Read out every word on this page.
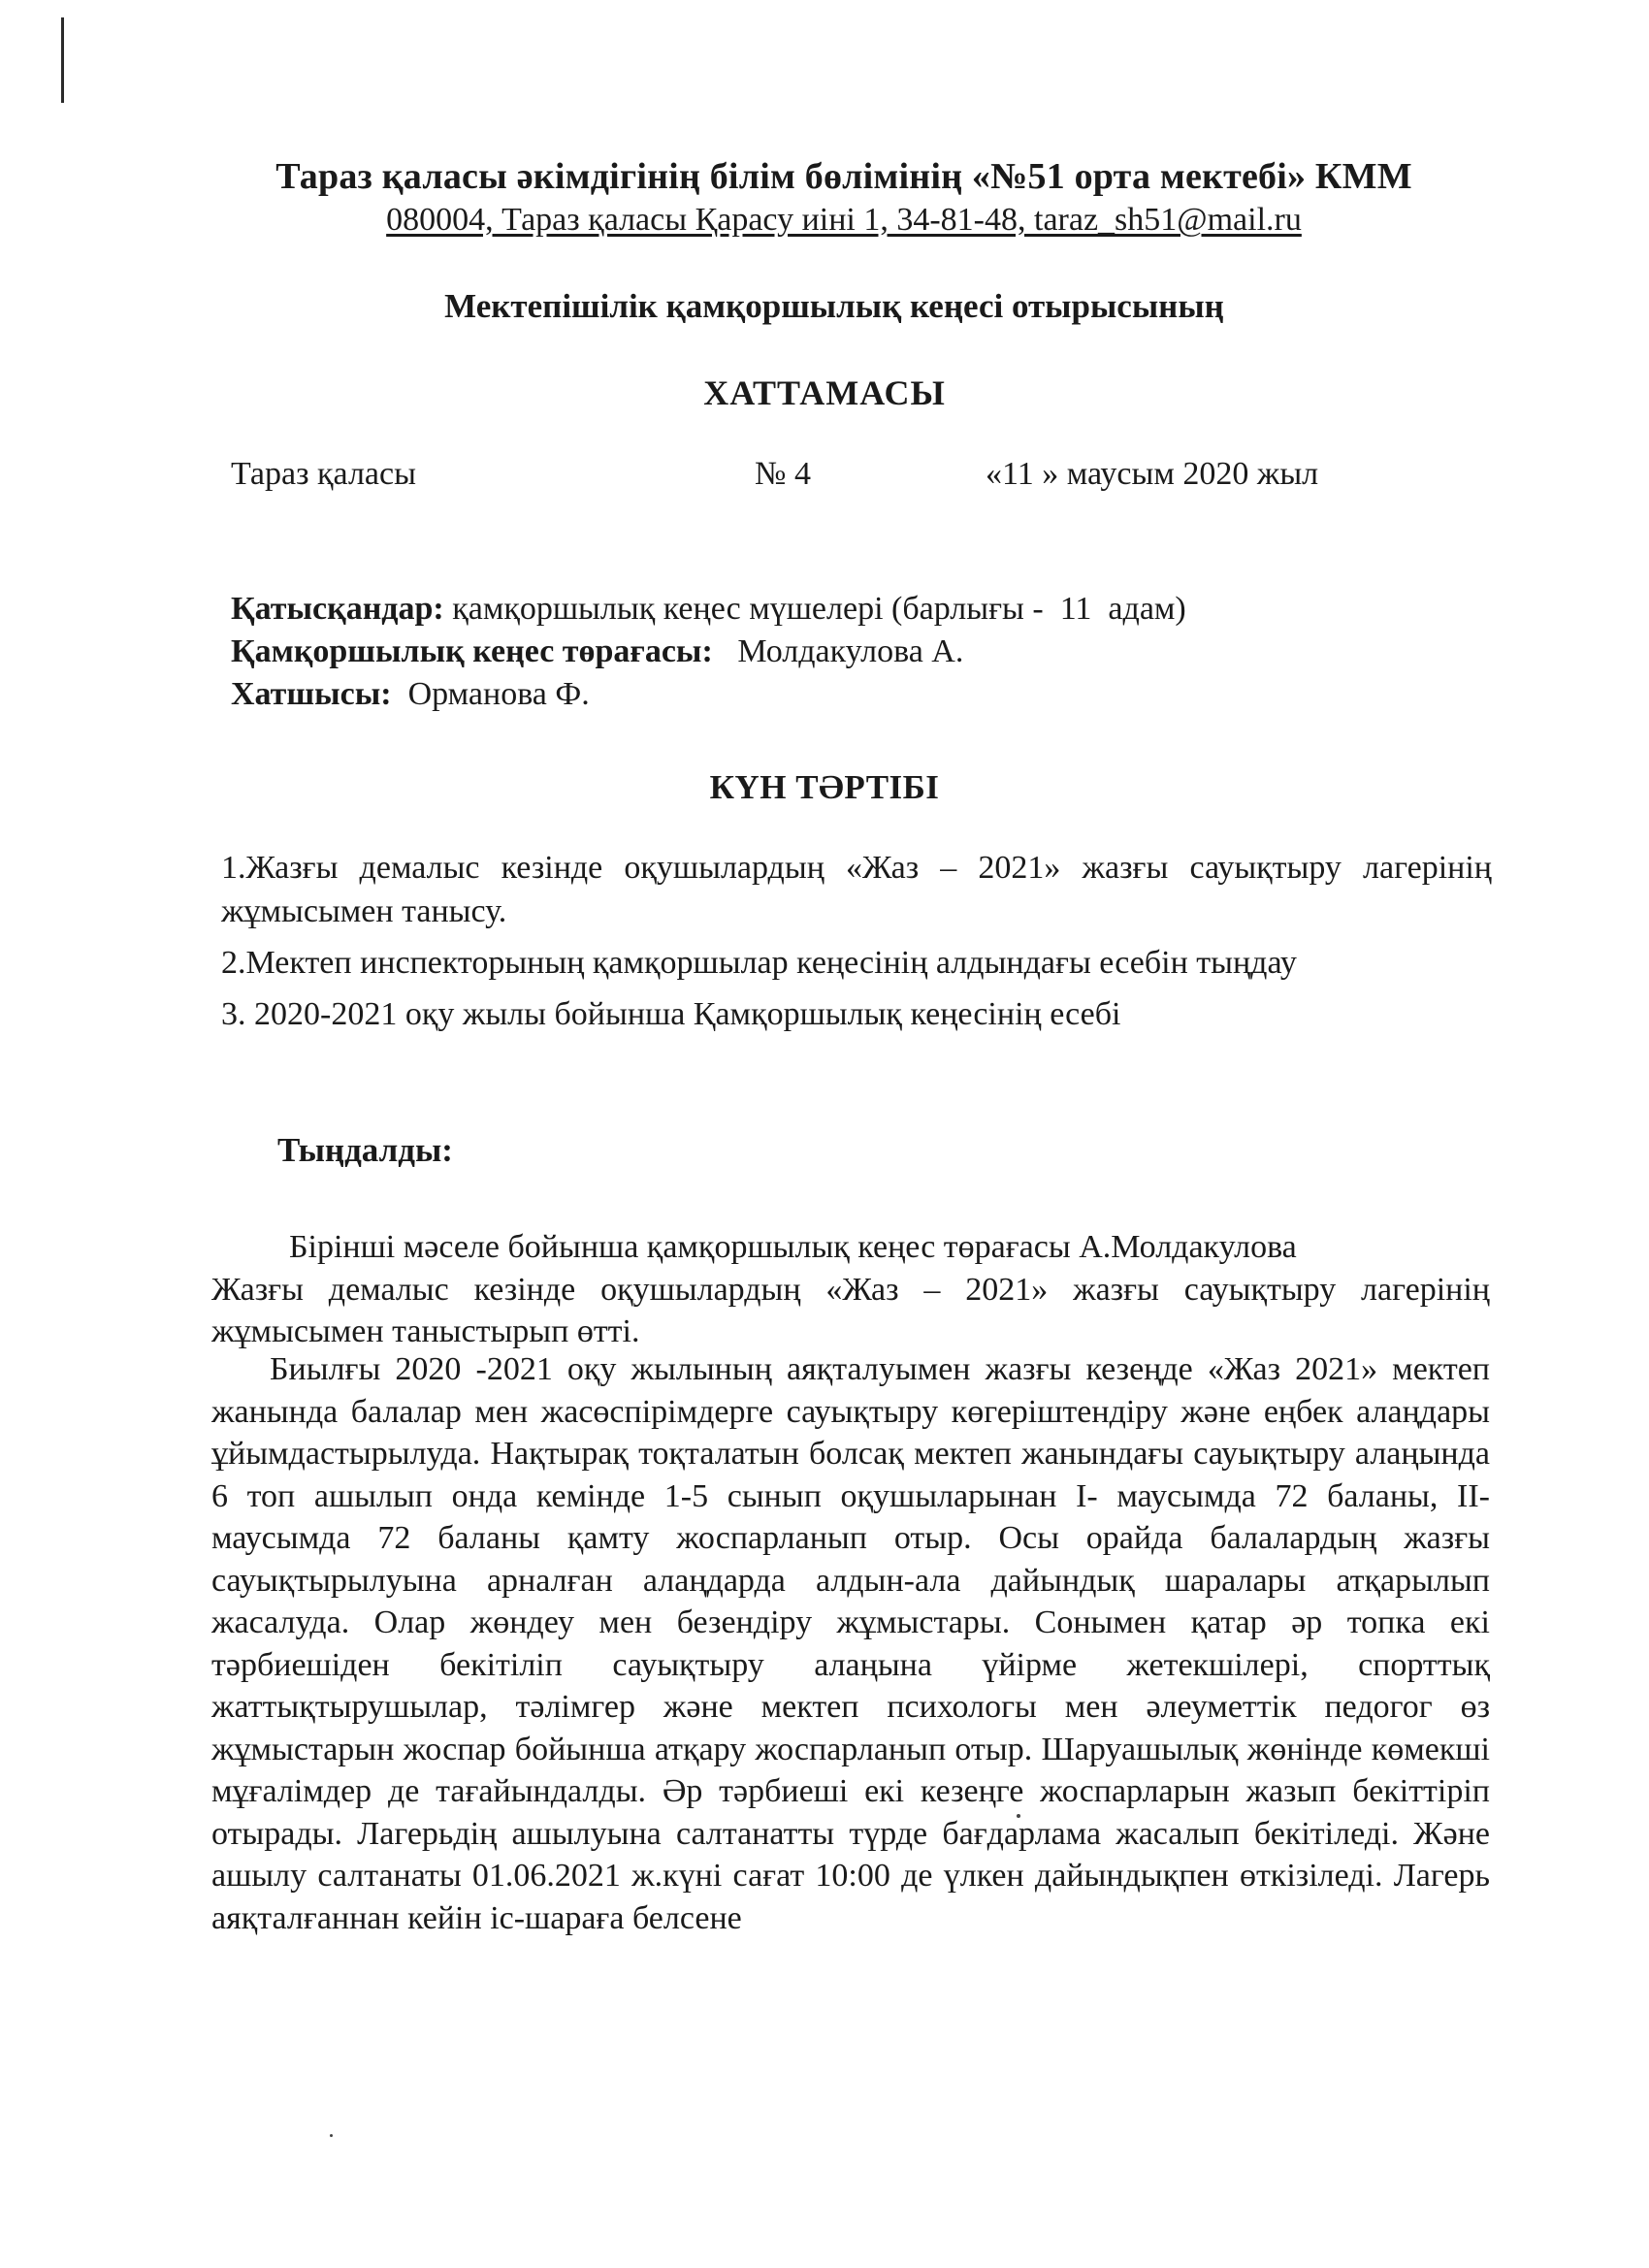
Тараз қаласы әкімдігінің білім бөлімінің «№51 орта мектебі» КММ
080004, Тараз қаласы Қарасу иіні 1, 34-81-48, taraz_sh51@mail.ru
Мектепішілік қамқоршылық кеңесі отырысының
ХАТТАМАСЫ
Тараз қаласы	№ 4	«11 » маусым 2020 жыл
Қатысқандар: қамқоршылық кеңес мүшелері (барлығы -  11  адам)
Қамқоршылық кеңес төрағасы:   Молдакулова А.
Хатшысы:  Орманова Ф.
КҮН ТӘРТІБІ

1.Жазғы демалыс кезінде оқушылардың «Жаз – 2021» жазғы сауықтыру лагерінің жұмысымен танысу.

2.Мектеп инспекторының қамқоршылар кеңесінің алдындағы есебін тыңдау

3. 2020-2021 оқу жылы бойынша Қамқоршылық кеңесінің есебі

Тыңдалды:
Бірінші мәселе бойынша қамқоршылық кеңес төрағасы А.Молдакулова
Жазғы демалыс кезінде оқушылардың «Жаз – 2021» жазғы сауықтыру лагерінің жұмысымен таныстырып өтті.
Биылғы 2020 -2021 оқу жылының аяқталуымен жазғы кезеңде «Жаз 2021» мектеп жанында балалар мен жасөспірімдерге сауықтыру көгеріштендіру және еңбек алаңдары ұйымдастырылуда. Нақтырақ тоқталатын болсақ мектеп жанындағы сауықтыру алаңында 6 топ ашылып онда кемінде 1-5 сынып оқушыларынан І- маусымда 72 баланы, ІІ- маусымда 72 баланы қамту жоспарланып отыр. Осы орайда балалардың жазғы сауықтырылуына арналған алаңдарда алдын-ала дайындық шаралары атқарылып жасалуда. Олар жөндеу мен безендіру жұмыстары. Сонымен қатар әр топка екі тәрбиешіден бекітіліп сауықтыру алаңына үйірме жетекшілері, спорттық жаттықтырушылар, тәлімгер және мектеп психологы мен әлеуметтік педогог өз жұмыстарын жоспар бойынша атқару жоспарланып отыр. Шаруашылық жөнінде көмекші мұғалімдер де тағайындалды. Әр тәрбиеші екі кезеңге жоспарларын жазып бекіттіріп отырады. Лагерьдің ашылуына салтанатты түрде бағдарлама жасалып бекітіледі. Және ашылу салтанаты 01.06.2021 ж.күні сағат 10:00 де үлкен дайындықпен өткізіледі. Лагерь аяқталғаннан кейін іс-шараға белсене
